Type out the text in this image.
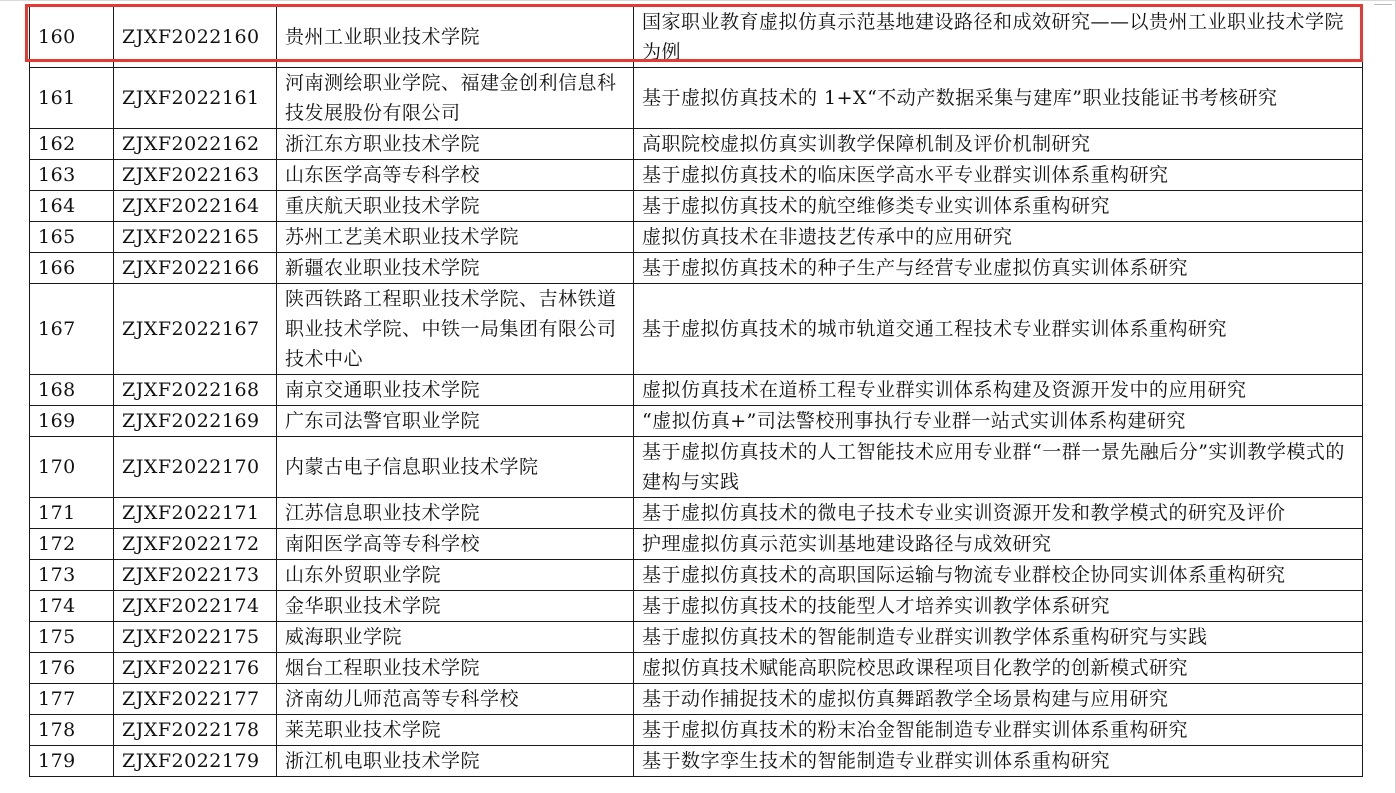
160	ZJXF2022160	贵州工业职业技术学院	国家职业教育虚拟仿真示范基地建设路径和成效研究——以贵州工业职业技术学院为例
161	ZJXF2022161	河南测绘职业学院、福建金创利信息科技发展股份有限公司	基于虚拟仿真技术的 1+X“不动产数据采集与建库”职业技能证书考核研究
162	ZJXF2022162	浙江东方职业技术学院	高职院校虚拟仿真实训教学保障机制及评价机制研究
163	ZJXF2022163	山东医学高等专科学校	基于虚拟仿真技术的临床医学高水平专业群实训体系重构研究
164	ZJXF2022164	重庆航天职业技术学院	基于虚拟仿真技术的航空维修类专业实训体系重构研究
165	ZJXF2022165	苏州工艺美术职业技术学院	虚拟仿真技术在非遗技艺传承中的应用研究
166	ZJXF2022166	新疆农业职业技术学院	基于虚拟仿真技术的种子生产与经营专业虚拟仿真实训体系研究
167	ZJXF2022167	陕西铁路工程职业技术学院、吉林铁道职业技术学院、中铁一局集团有限公司技术中心	基于虚拟仿真技术的城市轨道交通工程技术专业群实训体系重构研究
168	ZJXF2022168	南京交通职业技术学院	虚拟仿真技术在道桥工程专业群实训体系构建及资源开发中的应用研究
169	ZJXF2022169	广东司法警官职业学院	“虚拟仿真+”司法警校刑事执行专业群一站式实训体系构建研究
170	ZJXF2022170	内蒙古电子信息职业技术学院	基于虚拟仿真技术的人工智能技术应用专业群“一群一景先融后分”实训教学模式的建构与实践
171	ZJXF2022171	江苏信息职业技术学院	基于虚拟仿真技术的微电子技术专业实训资源开发和教学模式的研究及评价
172	ZJXF2022172	南阳医学高等专科学校	护理虚拟仿真示范实训基地建设路径与成效研究
173	ZJXF2022173	山东外贸职业学院	基于虚拟仿真技术的高职国际运输与物流专业群校企协同实训体系重构研究
174	ZJXF2022174	金华职业技术学院	基于虚拟仿真技术的技能型人才培养实训教学体系研究
175	ZJXF2022175	威海职业学院	基于虚拟仿真技术的智能制造专业群实训教学体系重构研究与实践
176	ZJXF2022176	烟台工程职业技术学院	虚拟仿真技术赋能高职院校思政课程项目化教学的创新模式研究
177	ZJXF2022177	济南幼儿师范高等专科学校	基于动作捕捉技术的虚拟仿真舞蹈教学全场景构建与应用研究
178	ZJXF2022178	莱芜职业技术学院	基于虚拟仿真技术的粉末冶金智能制造专业群实训体系重构研究
179	ZJXF2022179	浙江机电职业技术学院	基于数字孪生技术的智能制造专业群实训体系重构研究
